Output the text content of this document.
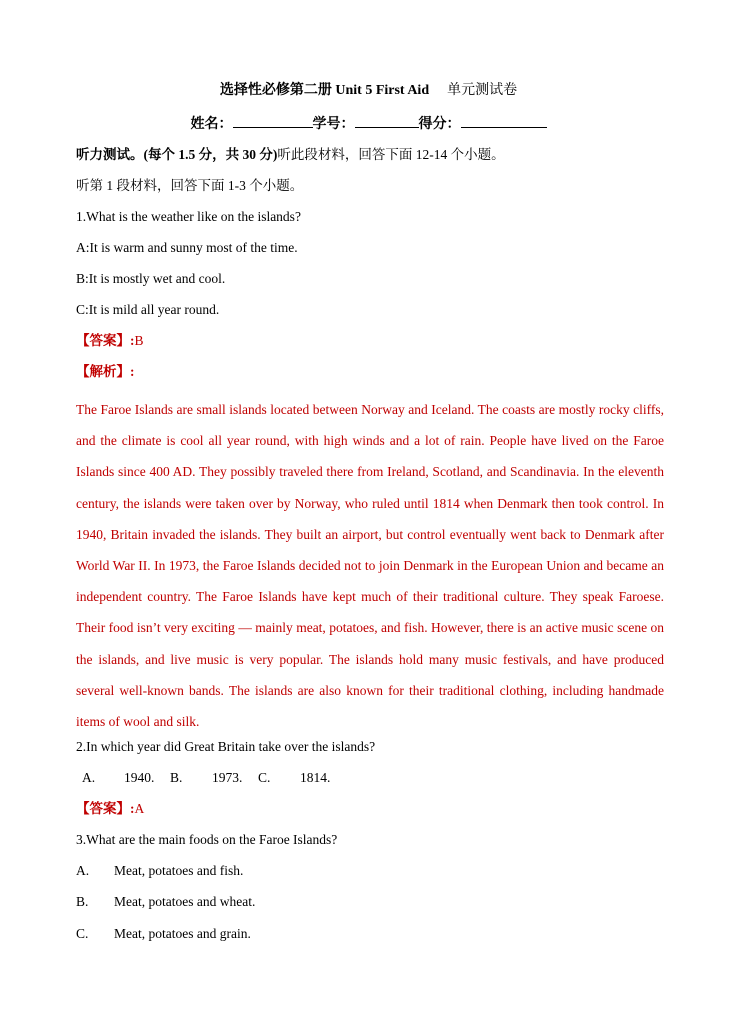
选择性必修第二册 Unit 5 First Aid 单元测试卷
姓名：	学号：	得分：
听力测试。(每个 1.5 分，共 30 分)听此段材料，回答下面 12-14 个小题。
听第 1 段材料，回答下面 1-3 个小题。
1.What is the weather like on the islands?
A:It is warm and sunny most of the time.
B:It is mostly wet and cool.
C:It is mild all year round.
【答案】:B
【解析】:

The Faroe Islands are small islands located between Norway and Iceland. The coasts are mostly rocky cliffs, and the climate is cool all year round, with high winds and a lot of rain. People have lived on the Faroe Islands since 400 AD. They possibly traveled there from Ireland, Scotland, and Scandinavia. In the eleventh century, the islands were taken over by Norway, who ruled until 1814 when Denmark then took control. In 1940, Britain invaded the islands. They built an airport, but control eventually went back to Denmark after World War II. In 1973, the Faroe Islands decided not to join Denmark in the European Union and became an independent country. The Faroe Islands have kept much of their traditional culture. They speak Faroese. Their food isn’t very exciting — mainly meat, potatoes, and fish. However, there is an active music scene on the islands, and live music is very popular. The islands hold many music festivals, and have produced several well-known bands. The islands are also known for their traditional clothing, including handmade items of wool and silk.

2.In which year did Great Britain take over the islands?
A. 1940. B. 1973. C. 1814.
【答案】:A
3.What are the main foods on the Faroe Islands?
A. Meat, potatoes and fish.
B. Meat, potatoes and wheat.
C. Meat, potatoes and grain.
